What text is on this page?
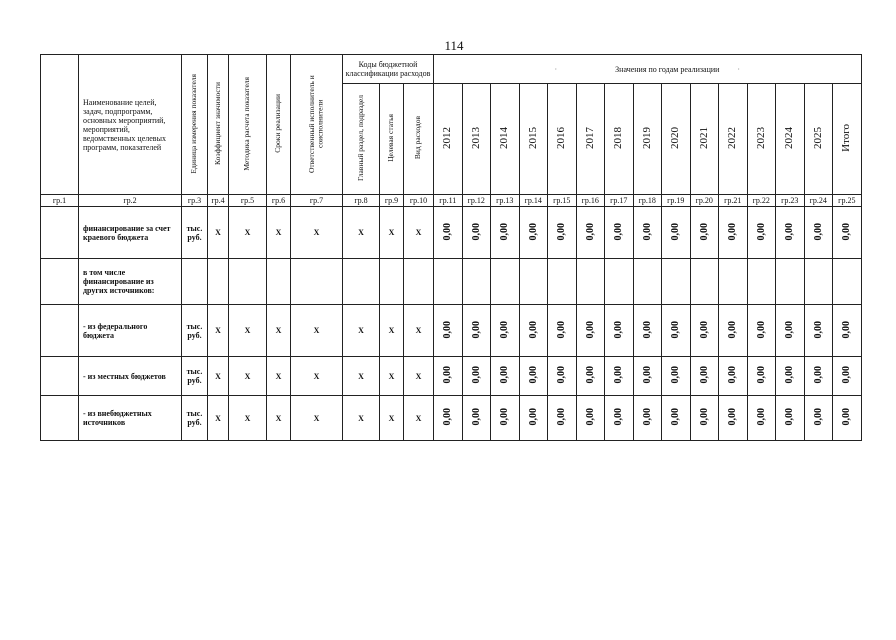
114
	Наименование целей, задач, подпрограмм, основных мероприятий, мероприятий, ведомственных целевых программ, показателей	Единица измерения показателя	Коэффициент значимости	Методика расчета показателя	Сроки реализации	Ответственный исполнитель и соисполнители	Коды бюджетной классификации расходов			· Значения по годам реализации ·														
							Главный раздел, подраздел	Целевая статья	Вид расходов	2012	2013	2014	2015	2016	2017	2018	2019	2020	2021	2022	2023	2024	2025	Итого
гр.1	гр.2	гр.3	гр.4	гр.5	гр.6	гр.7	гр.8	гр.9	гр.10	гр.11	гр.12	гр.13	гр.14	гр.15	гр.16	гр.17	гр.18	гр.19	гр.20	гр.21	гр.22	гр.23	гр.24	гр.25
	финансирование за счет краевого бюджета	тыс. руб.	Х	Х	Х	Х	Х	Х	Х	0,00	0,00	0,00	0,00	0,00	0,00	0,00	0,00	0,00	0,00	0,00	0,00	0,00	0,00	0,00
	в том числе финансирование из других источников:																							
	- из федерального бюджета	тыс. руб.	Х	Х	Х	Х	Х	Х	Х	0,00	0,00	0,00	0,00	0,00	0,00	0,00	0,00	0,00	0,00	0,00	0,00	0,00	0,00	0,00
	- из местных бюджетов	тыс. руб.	Х	Х	Х	Х	Х	Х	Х	0,00	0,00	0,00	0,00	0,00	0,00	0,00	0,00	0,00	0,00	0,00	0,00	0,00	0,00	0,00
	- из внебюджетных источников	тыс. руб.	Х	Х	Х	Х	Х	Х	Х	0,00	0,00	0,00	0,00	0,00	0,00	0,00	0,00	0,00	0,00	0,00	0,00	0,00	0,00	0,00
